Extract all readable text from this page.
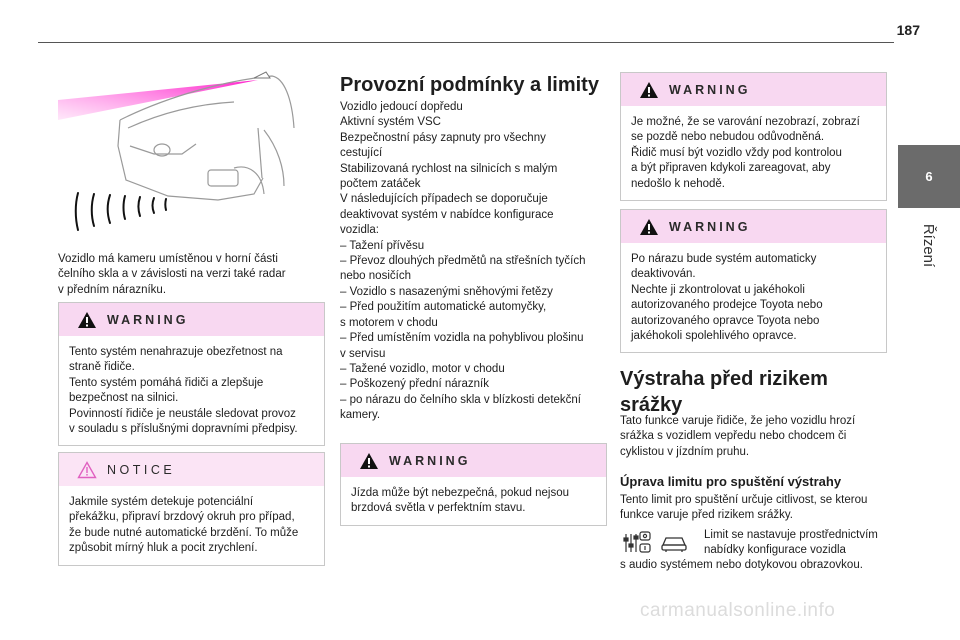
187
6
Řízení

Vozidlo má kameru umístěnou v horní části

čelního skla a v závislosti na verzi také radar

v předním nárazníku.

WARNING

Tento systém nenahrazuje obezřetnost na

straně řidiče.

Tento systém pomáhá řidiči a zlepšuje

bezpečnost na silnici.

Povinností řidiče je neustále sledovat provoz

v souladu s příslušnými dopravními předpisy.

NOTICE

Jakmile systém detekuje potenciální

překážku, připraví brzdový okruh pro případ,

že bude nutné automatické brzdění. To může

způsobit mírný hluk a pocit zrychlení.

Provozní podmínky a limity

Vozidlo jedoucí dopředu

Aktivní systém VSC

Bezpečnostní pásy zapnuty pro všechny

cestující

Stabilizovaná rychlost na silnicích s malým

počtem zatáček

V následujících případech se doporučuje

deaktivovat systém v nabídce konfigurace

vozidla:

– Tažení přívěsu

– Převoz dlouhých předmětů na střešních tyčích

nebo nosičích

– Vozidlo s nasazenými sněhovými řetězy

– Před použitím automatické automyčky,

s motorem v chodu

– Před umístěním vozidla na pohyblivou plošinu

v servisu

– Tažené vozidlo, motor v chodu

– Poškozený přední nárazník

– po nárazu do čelního skla v blízkosti detekční

kamery.

WARNING

Jízda může být nebezpečná, pokud nejsou

brzdová světla v perfektním stavu.

WARNING

Je možné, že se varování nezobrazí, zobrazí

se pozdě nebo nebudou odůvodněná.

Řidič musí být vozidlo vždy pod kontrolou

a být připraven kdykoli zareagovat, aby

nedošlo k nehodě.

WARNING

Po nárazu bude systém automaticky

deaktivován.

Nechte ji zkontrolovat u jakéhokoli

autorizovaného prodejce Toyota nebo

autorizovaného opravce Toyota nebo

jakéhokoli spolehlivého opravce.

Výstraha před rizikem

srážky

Tato funkce varuje řidiče, že jeho vozidlu hrozí

srážka s vozidlem vepředu nebo chodcem či

cyklistou v jízdním pruhu.

Úprava limitu pro spuštění výstrahy

Tento limit pro spuštění určuje citlivost, se kterou

funkce varuje před rizikem srážky.

Limit se nastavuje prostřednictvím

nabídky konfigurace vozidla

s audio systémem nebo dotykovou obrazovkou.

carmanualsonline.info
